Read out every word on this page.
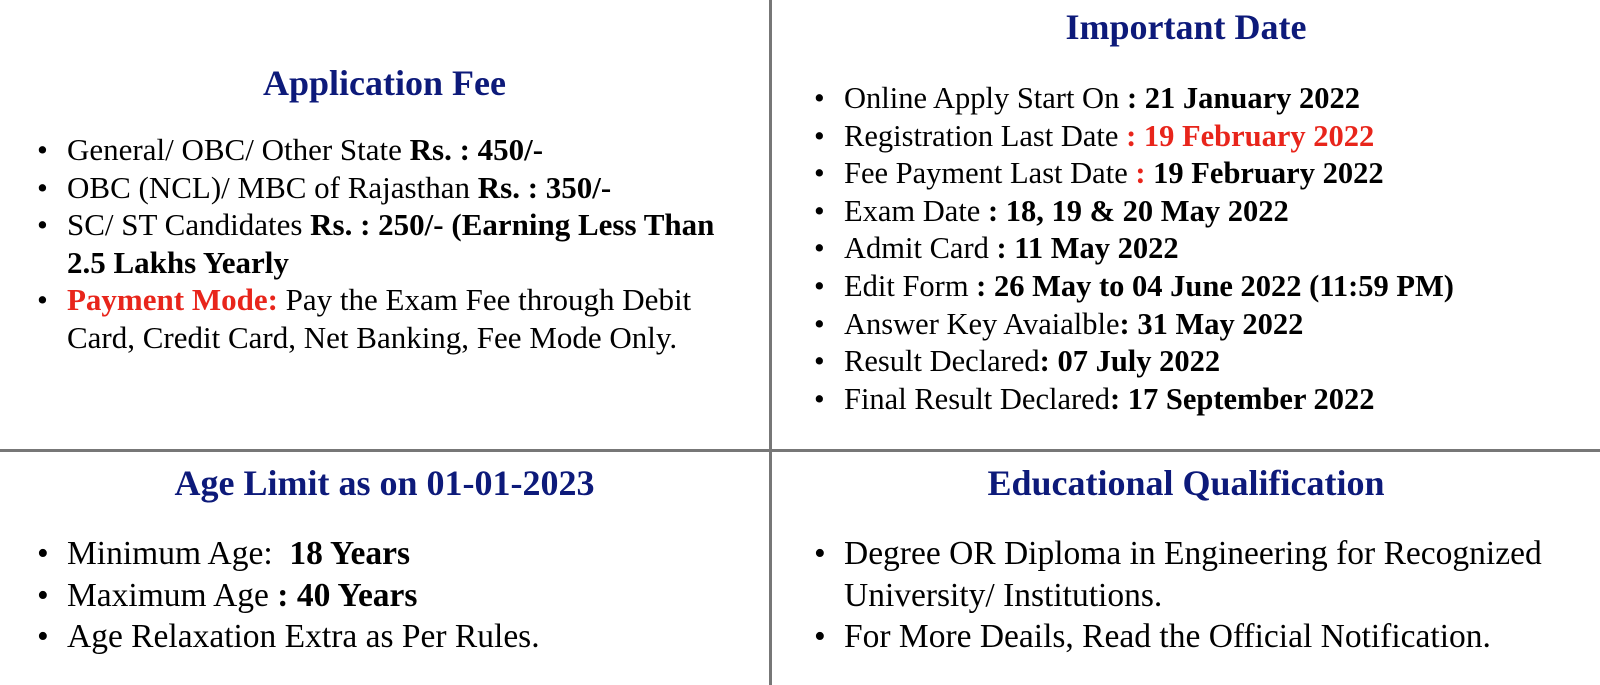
Application Fee
• General/ OBC/ Other State Rs. : 450/-
• OBC (NCL)/ MBC of Rajasthan Rs. : 350/-
• SC/ ST Candidates Rs. : 250/- (Earning Less Than 2.5 Lakhs Yearly
• Payment Mode: Pay the Exam Fee through Debit Card, Credit Card, Net Banking, Fee Mode Only.
Important Date
• Online Apply Start On : 21 January 2022
• Registration Last Date : 19 February 2022
• Fee Payment Last Date : 19 February 2022
• Exam Date : 18, 19 & 20 May 2022
• Admit Card : 11 May 2022
• Edit Form : 26 May to 04 June 2022 (11:59 PM)
• Answer Key Avaialble: 31 May 2022
• Result Declared: 07 July 2022
• Final Result Declared: 17 September 2022
Age Limit as on 01-01-2023
• Minimum Age:  18 Years
• Maximum Age : 40 Years
• Age Relaxation Extra as Per Rules.
Educational Qualification
• Degree OR Diploma in Engineering for Recognized University/ Institutions.
• For More Deails, Read the Official Notification.
